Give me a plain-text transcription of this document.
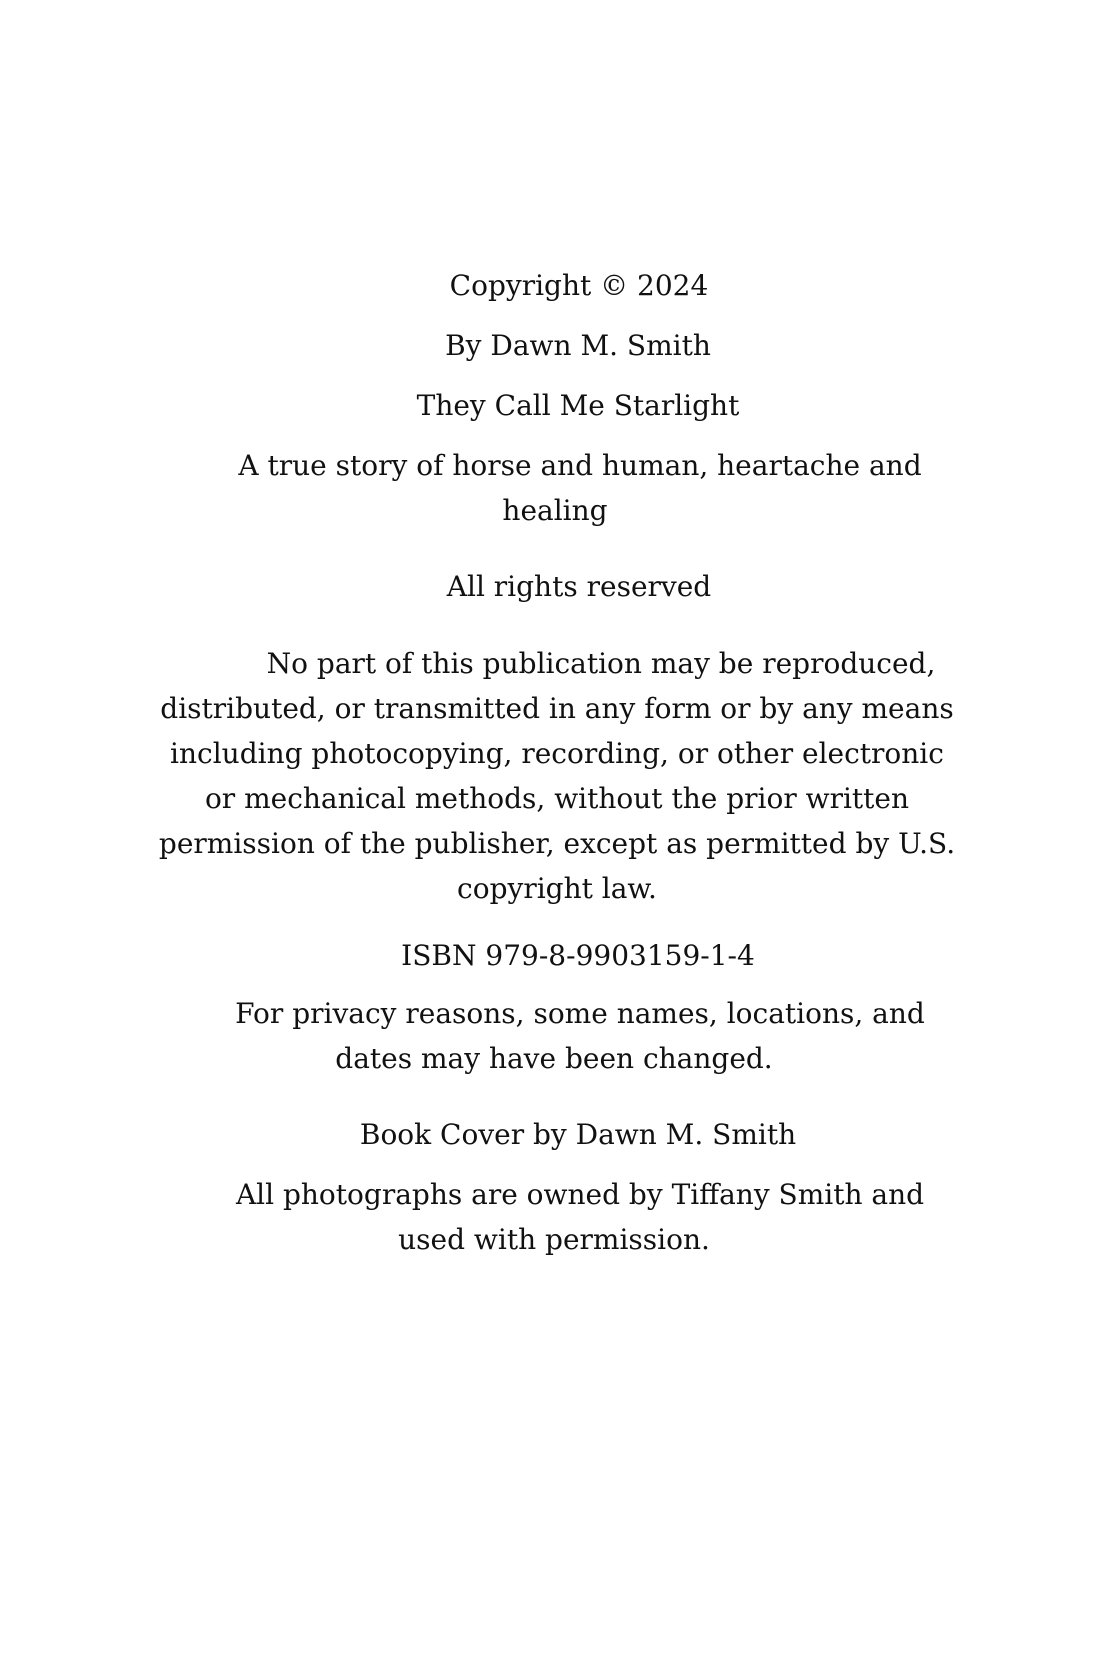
Copyright © 2024

By Dawn M. Smith

They Call Me Starlight

A true story of horse and human, heartache and
healing

All rights reserved

No part of this publication may be reproduced,
distributed, or transmitted in any form or by any means
including photocopying, recording, or other electronic
or mechanical methods, without the prior written
permission of the publisher, except as permitted by U.S.
copyright law.

ISBN 979-8-9903159-1-4

For privacy reasons, some names, locations, and
dates may have been changed.

Book Cover by Dawn M. Smith

All photographs are owned by Tiffany Smith and
used with permission.
